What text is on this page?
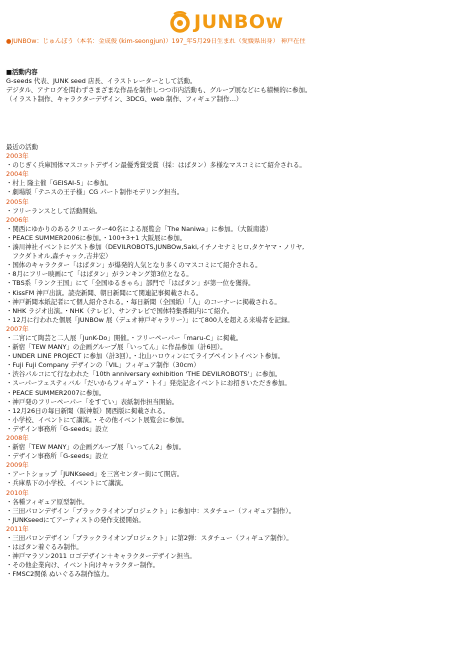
JUNBOw
●JUNBOw：じゅんぼう（本名：金成俊 (kim-seongjun)）197_年5月29日生まれ（愛媛県出身） 神戸在住
■活動内容
G-seeds 代表、JUNK seed 店長、イラストレーターとして活動。
デジタル、アナログを問わずさまざまな作品を制作しつつ市内活動も、グループ展などにも積極的に参加。
（イラスト制作、キャラクターデザイン、3DCG、web 制作、フィギュア制作…）
最近の活動
2003年
・のじぎく兵庫国体マスコットデザイン最優秀賞受賞（採：はばタン）多様なマスコミにて紹介される。
2004年
・村上 隆主催「GEISAI-5」に参加。
・劇場版「テニスの王子様」CG パート制作モデリング担当。
2005年
・フリーランスとして活動開始。
2006年
・関西にゆかりのあるクリエーター40名による展覧会「The Naniwa」に参加。（大阪南港）
・PEACE SUMMER2006に参加。・100+3+1 大阪展に参加。
・湊川神社イベントにゲスト参加（DEVILROBOTS,JUNBOw,Saki,イチノセナミヒロ,タケヤマ・ノリヤ,
　フクダトオル,森チャック,吉井宏）
・国体のキャラクター「はばタン」が爆発的人気となり多くのマスコミにて紹介される。
・8月にフリー映画にて「はばタン」がランキング第3位となる。
・TBS系「ランク王国」にて「全国ゆるきゃら」部門で「はばタン」が第一位を獲得。
・KissFM 神戸出演。読売新聞、朝日新聞にて関連記事掲載される。
・神戸新聞本紙記者にて個人紹介される。・毎日新聞（全国紙）「人」のコーナーに掲載される。
・NHK ラジオ出演。・NHK（テレビ）、サンテレビで国体特集番組内にて紹介。
・12月に行われた個展「JUNBOw 展（デュオ神戸ギャラリー）」にて800人を超える来場者を記録。
2007年
・二宮にて陶芸と二人展「JunK-Do」開催。・フリーペーパー「maru-C」に掲載。
・新宿「TEW MANY」の企画グループ展「いってん」に作品参加（計6回）。
・UNDER LINE PROJECT に参加（計3回）。・北山ハロウィンにてライブペイントイベント参加。
・Fuji Fuji Company デザインの「VIL」フィギュア制作（30cm）
・渋谷パルコにて行なわれた「10th anniversary exhibition 'THE DEVILROBOTS'」に参加。
・スーパーフェスティバル「だいからフィギュア・トイ」発売記念イベントにお招きいただき参加。
・PEACE SUMMER2007に参加。
・神戸発のフリーペーパー「をすてい」表紙制作担当開始。
・12月26日の毎日新聞（阪神版）関西版に掲載される。
・小学校、イベントにて講演。・その他イベント展覧会に参加。
・デザイン事務所「G-seeds」設立
2008年
・新宿「TEW MANY」の企画グループ展「いってん2」参加。
・デザイン事務所「G-seeds」設立
2009年
・アートショップ「JUNKseed」を三宮センター街にて開店。
・兵庫県下の小学校、イベントにて講演。
2010年
・各種フィギュア原型制作。
・三田パロンデザイン「ブラックライオンプロジェクト」に参加中：スタチュー（フィギュア制作）。
・JUNKseedにてアーティストの発作支援開始。
2011年
・三田パロンデザイン「ブラックライオンプロジェクト」に第2弾：スタチュー（フィギュア制作）。
・はばタン着ぐるみ制作。
・神戸マラソン2011 ロゴデザイン＋キャラクターデザイン担当。
・その他企業向け、イベント向けキャラクター制作。
・FMSC2関係 ぬいぐるみ制作協力。
